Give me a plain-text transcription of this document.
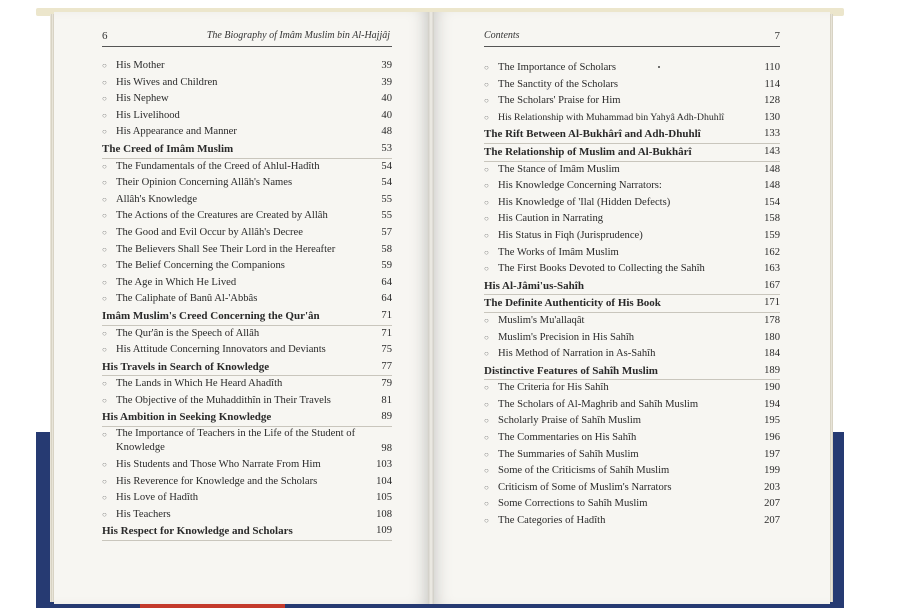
6	The Biography of Imâm Muslim bin Al-Hajjâj	Contents	7
○ His Mother	39
○ His Wives and Children	39
○ His Nephew	40
○ His Livelihood	40
○ His Appearance and Manner	48
The Creed of Imâm Muslim	53
○ The Fundamentals of the Creed of Ahlul-Hadîth	54
○ Their Opinion Concerning Allâh's Names	54
○ Allâh's Knowledge	55
○ The Actions of the Creatures are Created by Allâh	55
○ The Good and Evil Occur by Allâh's Decree	57
○ The Believers Shall See Their Lord in the Hereafter	58
○ The Belief Concerning the Companions	59
○ The Age in Which He Lived	64
○ The Caliphate of Banû Al-'Abbâs	64
Imâm Muslim's Creed Concerning the Qur'ân	71
○ The Qur'ân is the Speech of Allâh	71
○ His Attitude Concerning Innovators and Deviants	75
His Travels in Search of Knowledge	77
○ The Lands in Which He Heard Ahadîth	79
○ The Objective of the Muhaddithîn in Their Travels	81
His Ambition in Seeking Knowledge	89
○ The Importance of Teachers in the Life of the Student of Knowledge	98
○ His Students and Those Who Narrate From Him	103
○ His Reverence for Knowledge and the Scholars	104
○ His Love of Hadîth	105
○ His Teachers	108
His Respect for Knowledge and Scholars	109
○ The Importance of Scholars	110
○ The Sanctity of the Scholars	114
○ The Scholars' Praise for Him	128
○ His Relationship with Muhammad bin Yahyâ Adh-Dhuhlî	130
The Rift Between Al-Bukhârî and Adh-Dhuhlî	133
The Relationship of Muslim and Al-Bukhârî	143
○ The Stance of Imâm Muslim	148
○ His Knowledge Concerning Narrators:	148
○ His Knowledge of 'Ilal (Hidden Defects)	154
○ His Caution in Narrating	158
○ His Status in Fiqh (Jurisprudence)	159
○ The Works of Imâm Muslim	162
○ The First Books Devoted to Collecting the Sahîh	163
His Al-Jâmi'us-Sahîh	167
The Definite Authenticity of His Book	171
○ Muslim's Mu'allaqât	178
○ Muslim's Precision in His Sahîh	180
○ His Method of Narration in As-Sahîh	184
Distinctive Features of Sahîh Muslim	189
○ The Criteria for His Sahîh	190
○ The Scholars of Al-Maghrib and Sahîh Muslim	194
○ Scholarly Praise of Sahîh Muslim	195
○ The Commentaries on His Sahîh	196
○ The Summaries of Sahîh Muslim	197
○ Some of the Criticisms of Sahîh Muslim	199
○ Criticism of Some of Muslim's Narrators	203
○ Some Corrections to Sahîh Muslim	207
○ The Categories of Hadîth	207
